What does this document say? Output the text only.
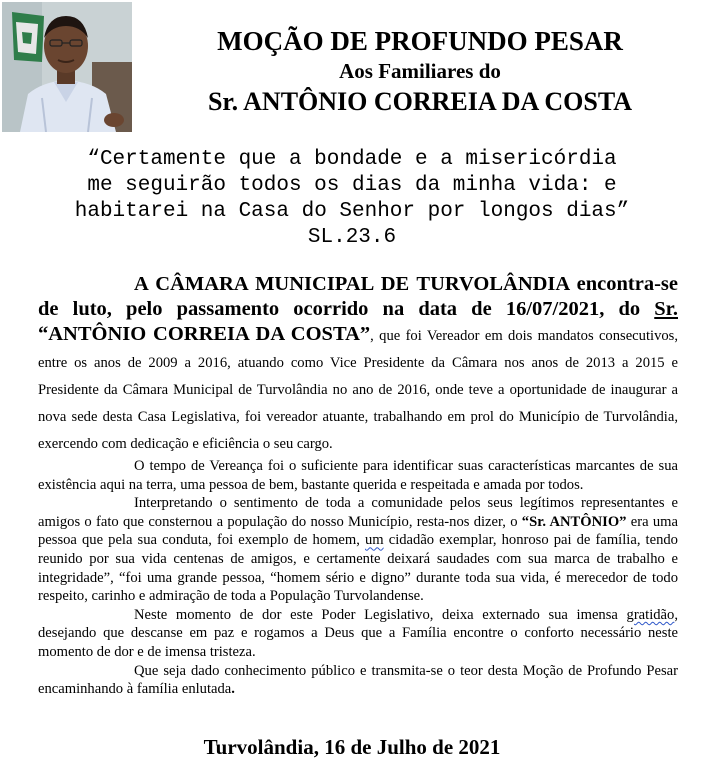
MOÇÃO DE PROFUNDO PESAR
Aos Familiares do
Sr. ANTÔNIO CORREIA DA COSTA
“Certamente que a bondade e a misericórdia
me seguirão todos os dias da minha vida: e
habitarei na Casa do Senhor por longos dias”
SL.23.6

A CÂMARA MUNICIPAL DE TURVOLÂNDIA encontra-se de luto, pelo passamento ocorrido na data de 16/07/2021, do Sr. “ANTÔNIO CORREIA DA COSTA”, que foi Vereador em dois mandatos consecutivos, entre os anos de 2009 a 2016, atuando como Vice Presidente da Câmara nos anos de 2013 a 2015 e Presidente da Câmara Municipal de Turvolândia no ano de 2016, onde teve a oportunidade de inaugurar a nova sede desta Casa Legislativa, foi vereador atuante, trabalhando em prol do Município de Turvolândia, exercendo com dedicação e eficiência o seu cargo.

O tempo de Vereança foi o suficiente para identificar suas características marcantes de sua existência aqui na terra, uma pessoa de bem, bastante querida e respeitada e amada por todos.

Interpretando o sentimento de toda a comunidade pelos seus legítimos representantes e amigos o fato que consternou a população do nosso Município, resta-nos dizer, o “Sr. ANTÔNIO” era uma pessoa que pela sua conduta, foi exemplo de homem, um cidadão exemplar, honroso pai de família, tendo reunido por sua vida centenas de amigos, e certamente deixará saudades com sua marca de trabalho e integridade”, “foi uma grande pessoa, “homem sério e digno” durante toda sua vida, é merecedor de todo respeito, carinho e admiração de toda a População Turvolandense.

Neste momento de dor este Poder Legislativo, deixa externado sua imensa gratidão, desejando que descanse em paz e rogamos a Deus que a Família encontre o conforto necessário neste momento de dor e de imensa tristeza.

Que seja dado conhecimento público e transmita-se o teor desta Moção de Profundo Pesar encaminhando à família enlutada.

Turvolândia, 16 de Julho de 2021
